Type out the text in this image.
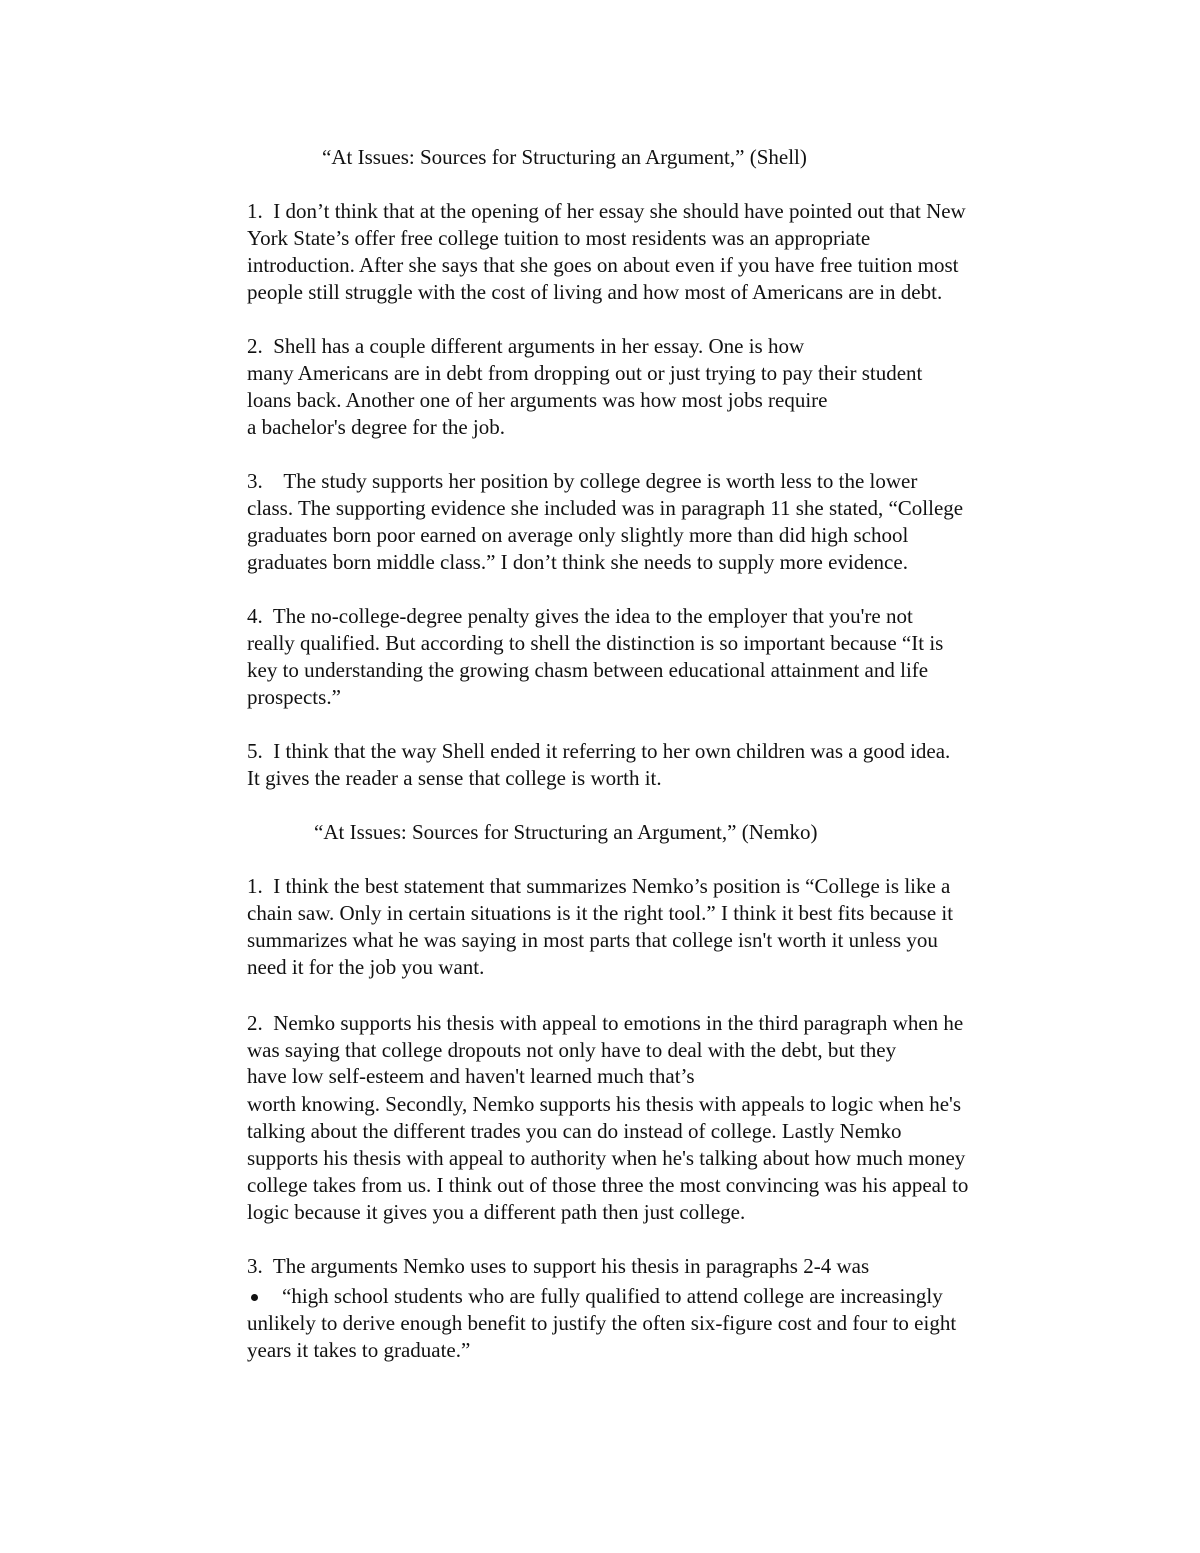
“At Issues: Sources for Structuring an Argument,” (Shell)
1.  I don’t think that at the opening of her essay she should have pointed out that New
York State’s offer free college tuition to most residents was an appropriate
introduction. After she says that she goes on about even if you have free tuition most
people still struggle with the cost of living and how most of Americans are in debt.
2.  Shell has a couple different arguments in her essay. One is how
many Americans are in debt from dropping out or just trying to pay their student
loans back. Another one of her arguments was how most jobs require
a bachelor's degree for the job.
3.    The study supports her position by college degree is worth less to the lower
class. The supporting evidence she included was in paragraph 11 she stated, “College
graduates born poor earned on average only slightly more than did high school
graduates born middle class.” I don’t think she needs to supply more evidence.
4.  The no-college-degree penalty gives the idea to the employer that you're not
really qualified. But according to shell the distinction is so important because “It is
key to understanding the growing chasm between educational attainment and life
prospects.”
5.  I think that the way Shell ended it referring to her own children was a good idea.
It gives the reader a sense that college is worth it.
“At Issues: Sources for Structuring an Argument,” (Nemko)
1.  I think the best statement that summarizes Nemko’s position is “College is like a
chain saw. Only in certain situations is it the right tool.” I think it best fits because it
summarizes what he was saying in most parts that college isn't worth it unless you
need it for the job you want.
2.  Nemko supports his thesis with appeal to emotions in the third paragraph when he
was saying that college dropouts not only have to deal with the debt, but they
have low self-esteem and haven't learned much that’s
worth knowing. Secondly, Nemko supports his thesis with appeals to logic when he's
talking about the different trades you can do instead of college. Lastly Nemko
supports his thesis with appeal to authority when he's talking about how much money
college takes from us. I think out of those three the most convincing was his appeal to
logic because it gives you a different path then just college.
3.  The arguments Nemko uses to support his thesis in paragraphs 2-4 was
“high school students who are fully qualified to attend college are increasingly
unlikely to derive enough benefit to justify the often six-figure cost and four to eight
years it takes to graduate.”
